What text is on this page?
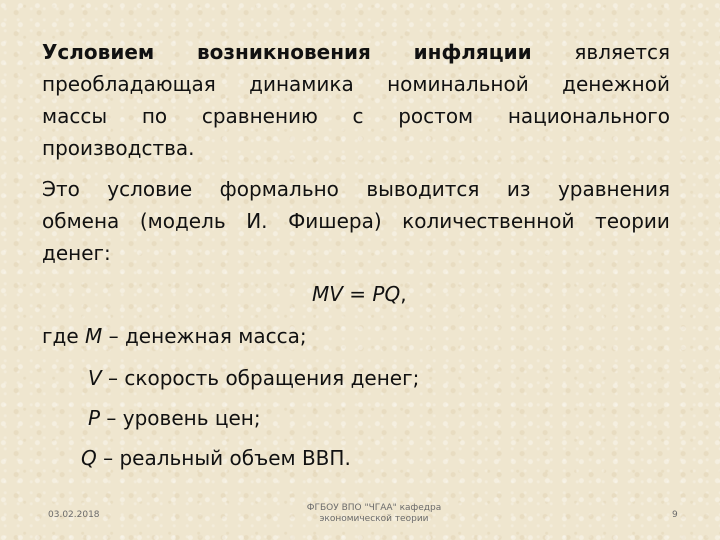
Условием возникновения инфляции является
преобладающая динамика номинальной денежной
массы по сравнению с ростом национального
производства.
Это условие формально выводится из уравнения
обмена (модель И. Фишера) количественной теории
денег:
MV = PQ,
где M – денежная масса;
V – скорость обращения денег;
P – уровень цен;
Q – реальный объем ВВП.
03.02.2018
ФГБОУ ВПО "ЧГАА" кафедра
экономической теории	9
